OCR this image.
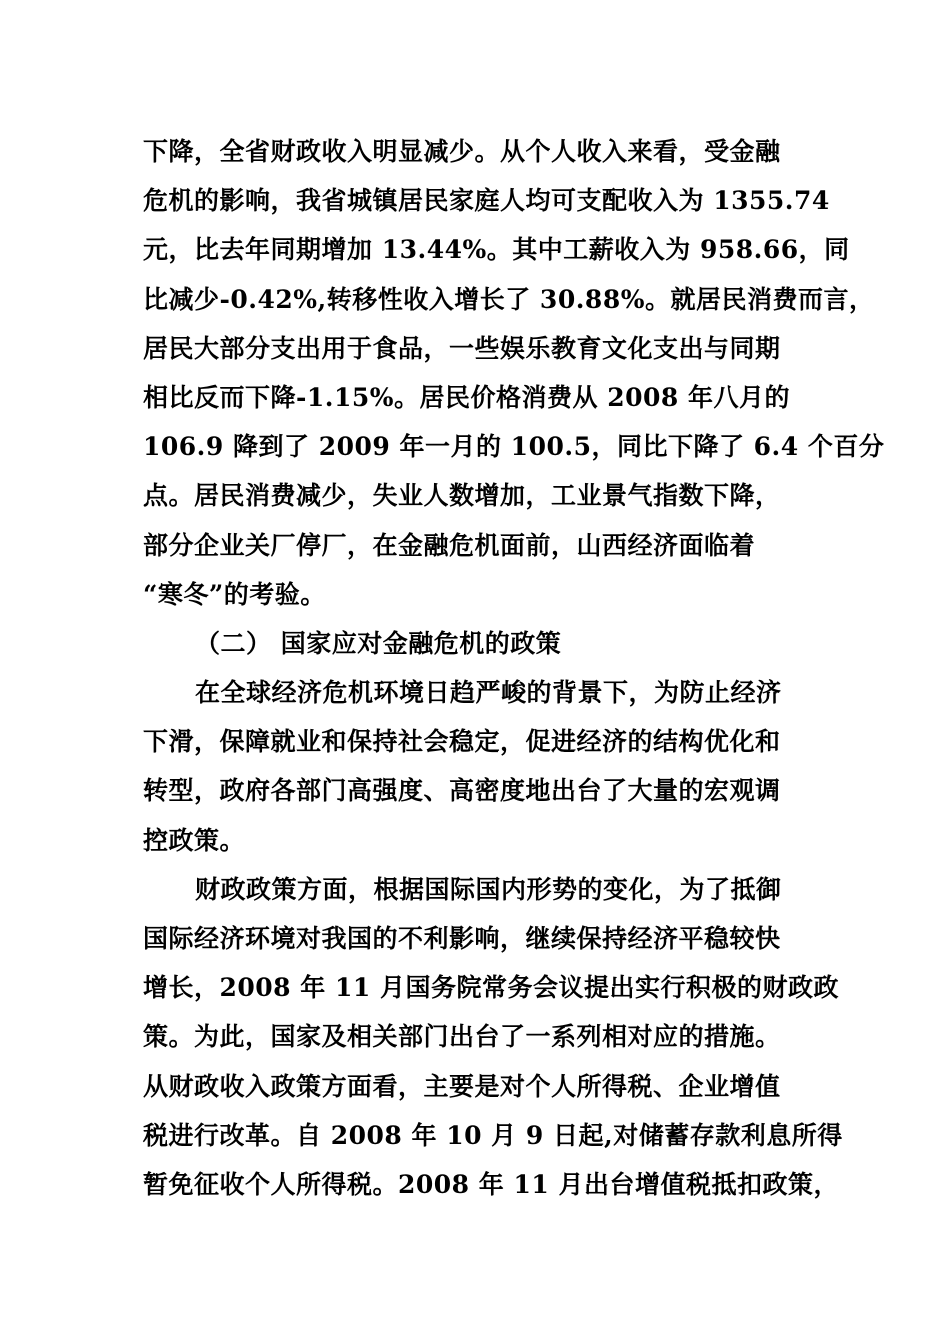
下降，全省财政收入明显减少。从个人收入来看，受金融
危机的影响，我省城镇居民家庭人均可支配收入为 1355.74
元，比去年同期增加 13.44%。其中工薪收入为 958.66，同
比减少-0.42%,转移性收入增长了 30.88%。就居民消费而言，
居民大部分支出用于食品，一些娱乐教育文化支出与同期
相比反而下降-1.15%。居民价格消费从 2008 年八月的
106.9 降到了 2009 年一月的 100.5，同比下降了 6.4 个百分
点。居民消费减少，失业人数增加，工业景气指数下降，
部分企业关厂停厂，在金融危机面前，山西经济面临着
“寒冬”的考验。
（二） 国家应对金融危机的政策
在全球经济危机环境日趋严峻的背景下，为防止经济
下滑，保障就业和保持社会稳定，促进经济的结构优化和
转型，政府各部门高强度、高密度地出台了大量的宏观调
控政策。
财政政策方面，根据国际国内形势的变化，为了抵御
国际经济环境对我国的不利影响，继续保持经济平稳较快
增长，2008 年 11 月国务院常务会议提出实行积极的财政政
策。为此，国家及相关部门出台了一系列相对应的措施。
从财政收入政策方面看，主要是对个人所得税、企业增值
税进行改革。自 2008 年 10 月 9 日起,对储蓄存款利息所得
暂免征收个人所得税。2008 年 11 月出台增值税抵扣政策，
